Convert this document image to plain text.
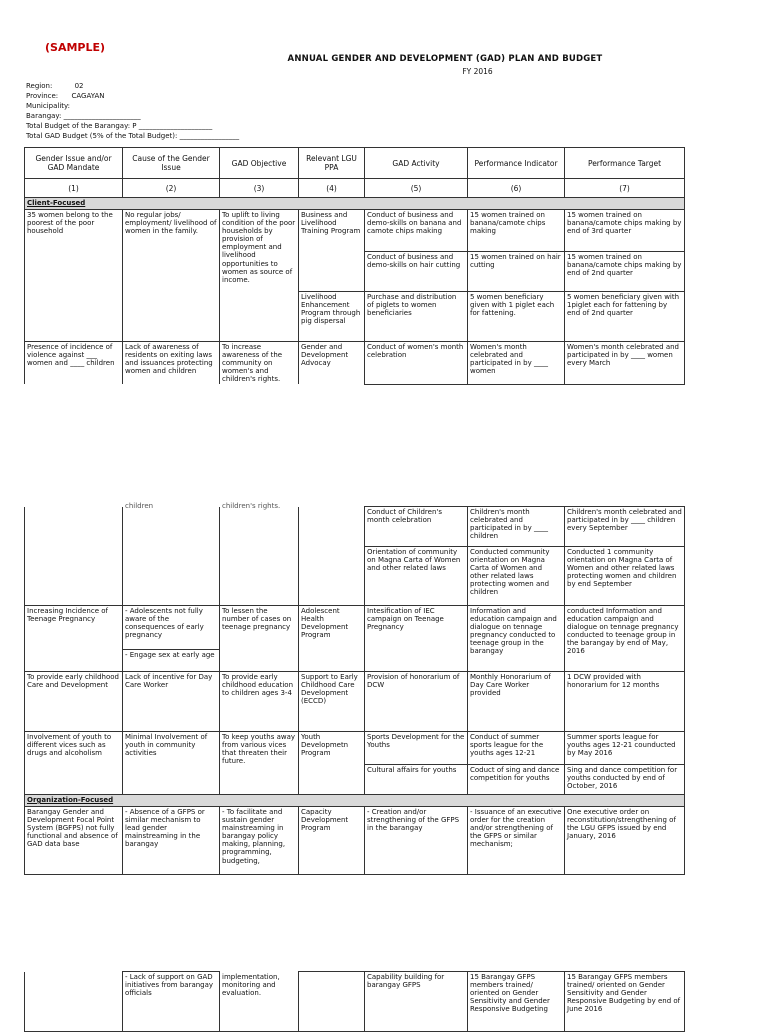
(SAMPLE)
ANNUAL GENDER AND DEVELOPMENT (GAD) PLAN AND BUDGET
FY 2016
Region:          02
Province:      CAGAYAN
Municipality:
Barangay: ______________________
Total Budget of the Barangay: P _____________________
Total GAD Budget (5% of the Total Budget): _________________
Gender Issue and/or GAD Mandate	Cause of the Gender Issue	GAD Objective	Relevant LGU PPA	GAD Activity	Performance Indicator	Performance Target
(1)	(2)	(3)	(4)	(5)	(6)	(7)
Client-Focused						
35 women belong to the poorest of the poor household	No regular jobs/ employment/ livelihood of women in the family.	To uplift to living condition of the poor households by provision of employment and livelihood opportunities to women as source of income.	Business and Livelihood Training Program	Conduct of business and demo-skills on banana and camote chips making	15 women trained on banana/camote chips making	15 women trained on banana/camote chips making by end of 3rd quarter
				Conduct of business and demo-skills on hair cutting	15 women trained on hair cutting	15 women trained on banana/camote chips making by end of 2nd quarter
			Livelihood Enhancement Program through pig dispersal	Purchase and distribution of piglets to women beneficiaries	5 women beneficiary given with 1 piglet each for fattening.	5 women beneficiary given with 1piglet each for fattening by end of 2nd quarter
Presence of incidence of violence against ___ women and ____ children	Lack of awareness of residents on exiting laws and issuances protecting women and children	To increase awareness of the community on women's and children's rights.	Gender and Development Advocay	Conduct of women's month celebration	Women's month celebrated and participated in by ____ women	Women's month celebrated and participated in by ____ women every March

	children	children's rights.		Conduct of Children's month celebration	Children's month celebrated and participated in by ____ children	Children's month celebrated and participated in by ____ children every September
				Orientation of community on Magna Carta of Women and other related laws	Conducted community orientation on Magna Carta of Women and other related laws protecting women and children	Conducted 1 community orientation on Magna Carta of Women and other related laws protecting women and children by end September
Increasing Incidence of Teenage Pregnancy	- Adolescents not fully aware of the consequences of early pregnancy	To lessen the number of cases on teenage pregnancy	Adolescent Health Development Program	Intesification of IEC campaign on Teenage Pregnancy	Information and education campaign and dialogue on tennage pregnancy conducted to teenage group in the barangay	conducted Information and education campaign and dialogue on tennage pregnancy conducted to teenage group in the barangay by end of May, 2016
	- Engage sex at early age					
To provide early childhood Care and Development	Lack of incentive for Day Care Worker	To provide early childhood education to children ages 3-4	Support to Early Childhood Care Development (ECCD)	Provision of honorarium of DCW	Monthly Honorarium of Day Care Worker provided	1 DCW provided with honorarium for 12 months
Involvement of youth to different vices such as drugs and alcoholism	Minimal Involvement of youth in community activities	To keep youths away from various vices that threaten their future.	Youth Developmetn Program	Sports Development for the Youths	Conduct of summer sports league for the youths ages 12-21	Summer sports league for youths ages 12-21 counducted by May 2016
				Cultural affairs for youths	Coduct of sing and dance competition for youths	Sing and dance competition for youths conducted by end of October, 2016
Organization-Focused						
Barangay Gender and Development Focal Point System (BGFPS) not fully functional and absence of GAD data base	- Absence of a GFPS or similar mechanism to lead gender mainstreaming in the barangay	- To facilitate and sustain gender mainstreaming in barangay policy making, planning, programming, budgeting,	Capacity Development Program	- Creation and/or strengthening of the GFPS in the barangay	- Issuance of an executive order for the creation and/or strengthening of the GFPS or similar mechanism;	One executive order on reconstitution/strengthening of the LGU GFPS issued by end January, 2016
	- Lack of support on GAD initiatives from barangay officials	implementation, monitoring and evaluation.		Capability building for barangay GFPS	15 Barangay GFPS members trained/ oriented on Gender Sensitivity and Gender Responsive Budgeting	15 Barangay GFPS members trained/ oriented on Gender Sensitivity and Gender Responsive Budgeting by end of June 2016
